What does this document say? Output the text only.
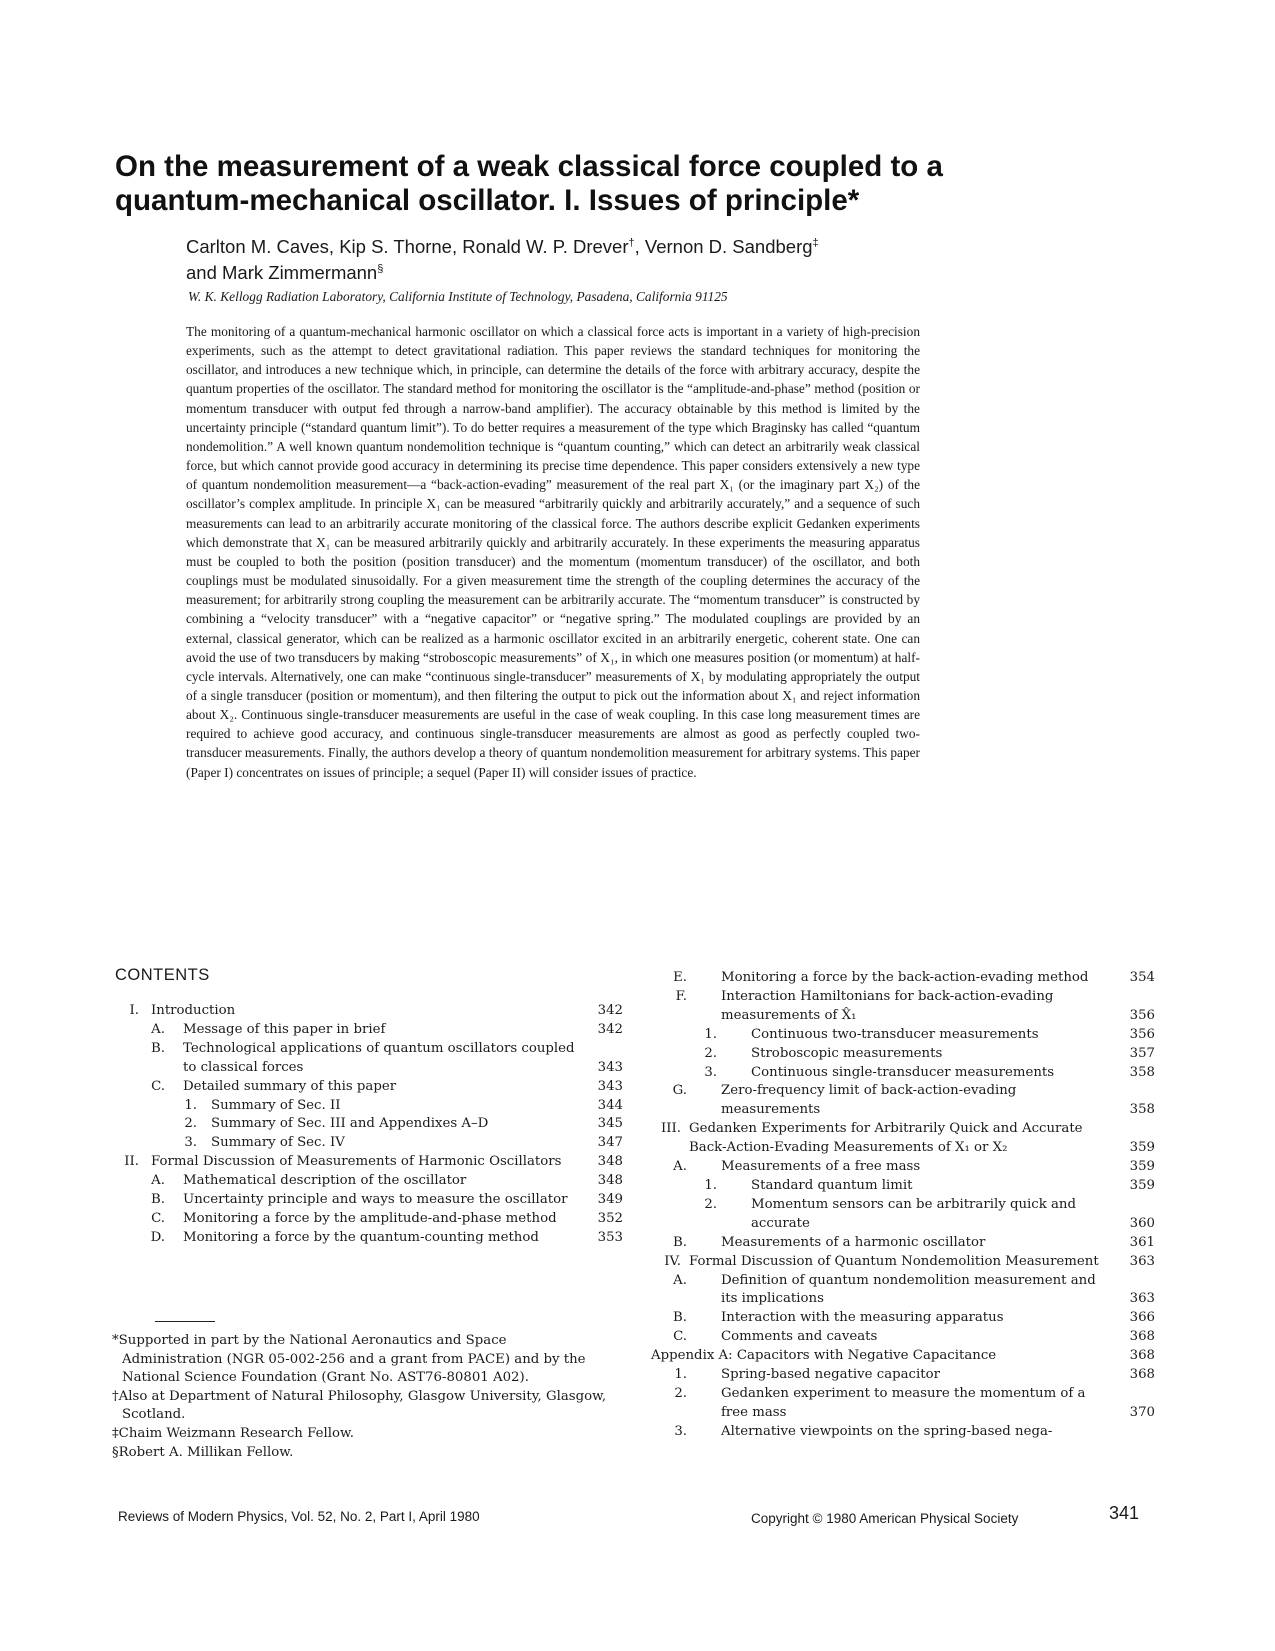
On the measurement of a weak classical force coupled to a quantum-mechanical oscillator. I. Issues of principle*
Carlton M. Caves, Kip S. Thorne, Ronald W. P. Drever†, Vernon D. Sandberg‡
and Mark Zimmermann§
W. K. Kellogg Radiation Laboratory, California Institute of Technology, Pasadena, California 91125

The monitoring of a quantum-mechanical harmonic oscillator on which a classical force acts is important in a variety of high-precision experiments, such as the attempt to detect gravitational radiation. This paper reviews the standard techniques for monitoring the oscillator, and introduces a new technique which, in principle, can determine the details of the force with arbitrary accuracy, despite the quantum properties of the oscillator. The standard method for monitoring the oscillator is the “amplitude-and-phase” method (position or momentum transducer with output fed through a narrow-band amplifier). The accuracy obtainable by this method is limited by the uncertainty principle (“standard quantum limit”). To do better requires a measurement of the type which Braginsky has called “quantum nondemolition.” A well known quantum nondemolition technique is “quantum counting,” which can detect an arbitrarily weak classical force, but which cannot provide good accuracy in determining its precise time dependence. This paper considers extensively a new type of quantum nondemolition measurement—a “back-action-evading” measurement of the real part X₁ (or the imaginary part X₂) of the oscillator’s complex amplitude. In principle X₁ can be measured “arbitrarily quickly and arbitrarily accurately,” and a sequence of such measurements can lead to an arbitrarily accurate monitoring of the classical force. The authors describe explicit Gedanken experiments which demonstrate that X₁ can be measured arbitrarily quickly and arbitrarily accurately. In these experiments the measuring apparatus must be coupled to both the position (position transducer) and the momentum (momentum transducer) of the oscillator, and both couplings must be modulated sinusoidally. For a given measurement time the strength of the coupling determines the accuracy of the measurement; for arbitrarily strong coupling the measurement can be arbitrarily accurate. The “momentum transducer” is constructed by combining a “velocity transducer” with a “negative capacitor” or “negative spring.” The modulated couplings are provided by an external, classical generator, which can be realized as a harmonic oscillator excited in an arbitrarily energetic, coherent state. One can avoid the use of two transducers by making “stroboscopic measurements” of X₁, in which one measures position (or momentum) at half-cycle intervals. Alternatively, one can make “continuous single-transducer” measurements of X₁ by modulating appropriately the output of a single transducer (position or momentum), and then filtering the output to pick out the information about X₁ and reject information about X₂. Continuous single-transducer measurements are useful in the case of weak coupling. In this case long measurement times are required to achieve good accuracy, and continuous single-transducer measurements are almost as good as perfectly coupled two-transducer measurements. Finally, the authors develop a theory of quantum nondemolition measurement for arbitrary systems. This paper (Paper I) concentrates on issues of principle; a sequel (Paper II) will consider issues of practice.

CONTENTS
I. Introduction	342
A.	Message of this paper in brief	342
B.	Technological applications of quantum oscillators coupled to classical forces	343
C.	Detailed summary of this paper	343
1.	Summary of Sec. II	344
2.	Summary of Sec. III and Appendixes A–D	345
3.	Summary of Sec. IV	347
II. Formal Discussion of Measurements of Harmonic Oscillators	348
A.	Mathematical description of the oscillator	348
B.	Uncertainty principle and ways to measure the oscillator	349
C.	Monitoring a force by the amplitude-and-phase method	352
D.	Monitoring a force by the quantum-counting method	353
E.	Monitoring a force by the back-action-evading method	354
F.	Interaction Hamiltonians for back-action-evading measurements of X̂₁	356
1.	Continuous two-transducer measurements	356
2.	Stroboscopic measurements	357
3.	Continuous single-transducer measurements	358
G.	Zero-frequency limit of back-action-evading measurements	358
III. Gedanken Experiments for Arbitrarily Quick and Accurate Back-Action-Evading Measurements of X₁ or X₂	359
A.	Measurements of a free mass	359
1.	Standard quantum limit	359
2.	Momentum sensors can be arbitrarily quick and accurate	360
B.	Measurements of a harmonic oscillator	361
IV. Formal Discussion of Quantum Nondemolition Measurement	363
A.	Definition of quantum nondemolition measurement and its implications	363
B.	Interaction with the measuring apparatus	366
C.	Comments and caveats	368
Appendix A: Capacitors with Negative Capacitance	368
1.	Spring-based negative capacitor	368
2.	Gedanken experiment to measure the momentum of a free mass	370
3.	Alternative viewpoints on the spring-based nega-

*Supported in part by the National Aeronautics and Space Administration (NGR 05-002-256 and a grant from PACE) and by the National Science Foundation (Grant No. AST76-80801 A02).

†Also at Department of Natural Philosophy, Glasgow University, Glasgow, Scotland.

‡Chaim Weizmann Research Fellow.

§Robert A. Millikan Fellow.

Reviews of Modern Physics, Vol. 52, No. 2, Part I, April 1980	Copyright © 1980 American Physical Society	341
